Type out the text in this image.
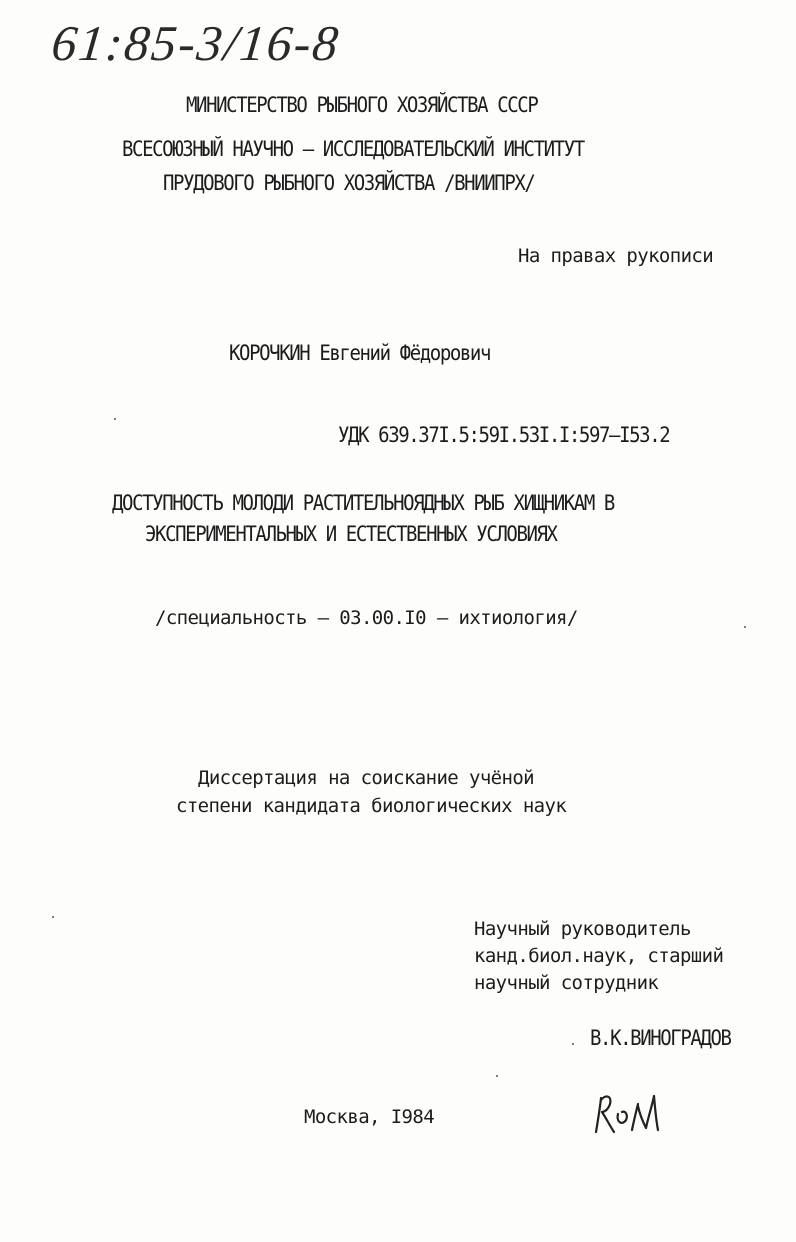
61:85-3/16-8
МИНИСТЕРСТВО РЫБНОГО ХОЗЯЙСТВА СССР
ВСЕСОЮЗНЫЙ НАУЧНО – ИССЛЕДОВАТЕЛЬСКИЙ ИНСТИТУТ
ПРУДОВОГО РЫБНОГО ХОЗЯЙСТВА /ВНИИПРХ/
На правах рукописи
КОРОЧКИН Евгений Фёдорович
УДК 639.37I.5:59I.53I.I:597–I53.2
ДОСТУПНОСТЬ МОЛОДИ РАСТИТЕЛЬНОЯДНЫХ РЫБ ХИЩНИКАМ В
ЭКСПЕРИМЕНТАЛЬНЫХ И ЕСТЕСТВЕННЫХ УСЛОВИЯХ
/специальность – 03.00.I0 – ихтиология/
Диссертация на соискание учёной
степени кандидата биологических наук
Научный руководитель
канд.биол.наук, старший
научный сотрудник
В.К.ВИНОГРАДОВ
Москва, I984
